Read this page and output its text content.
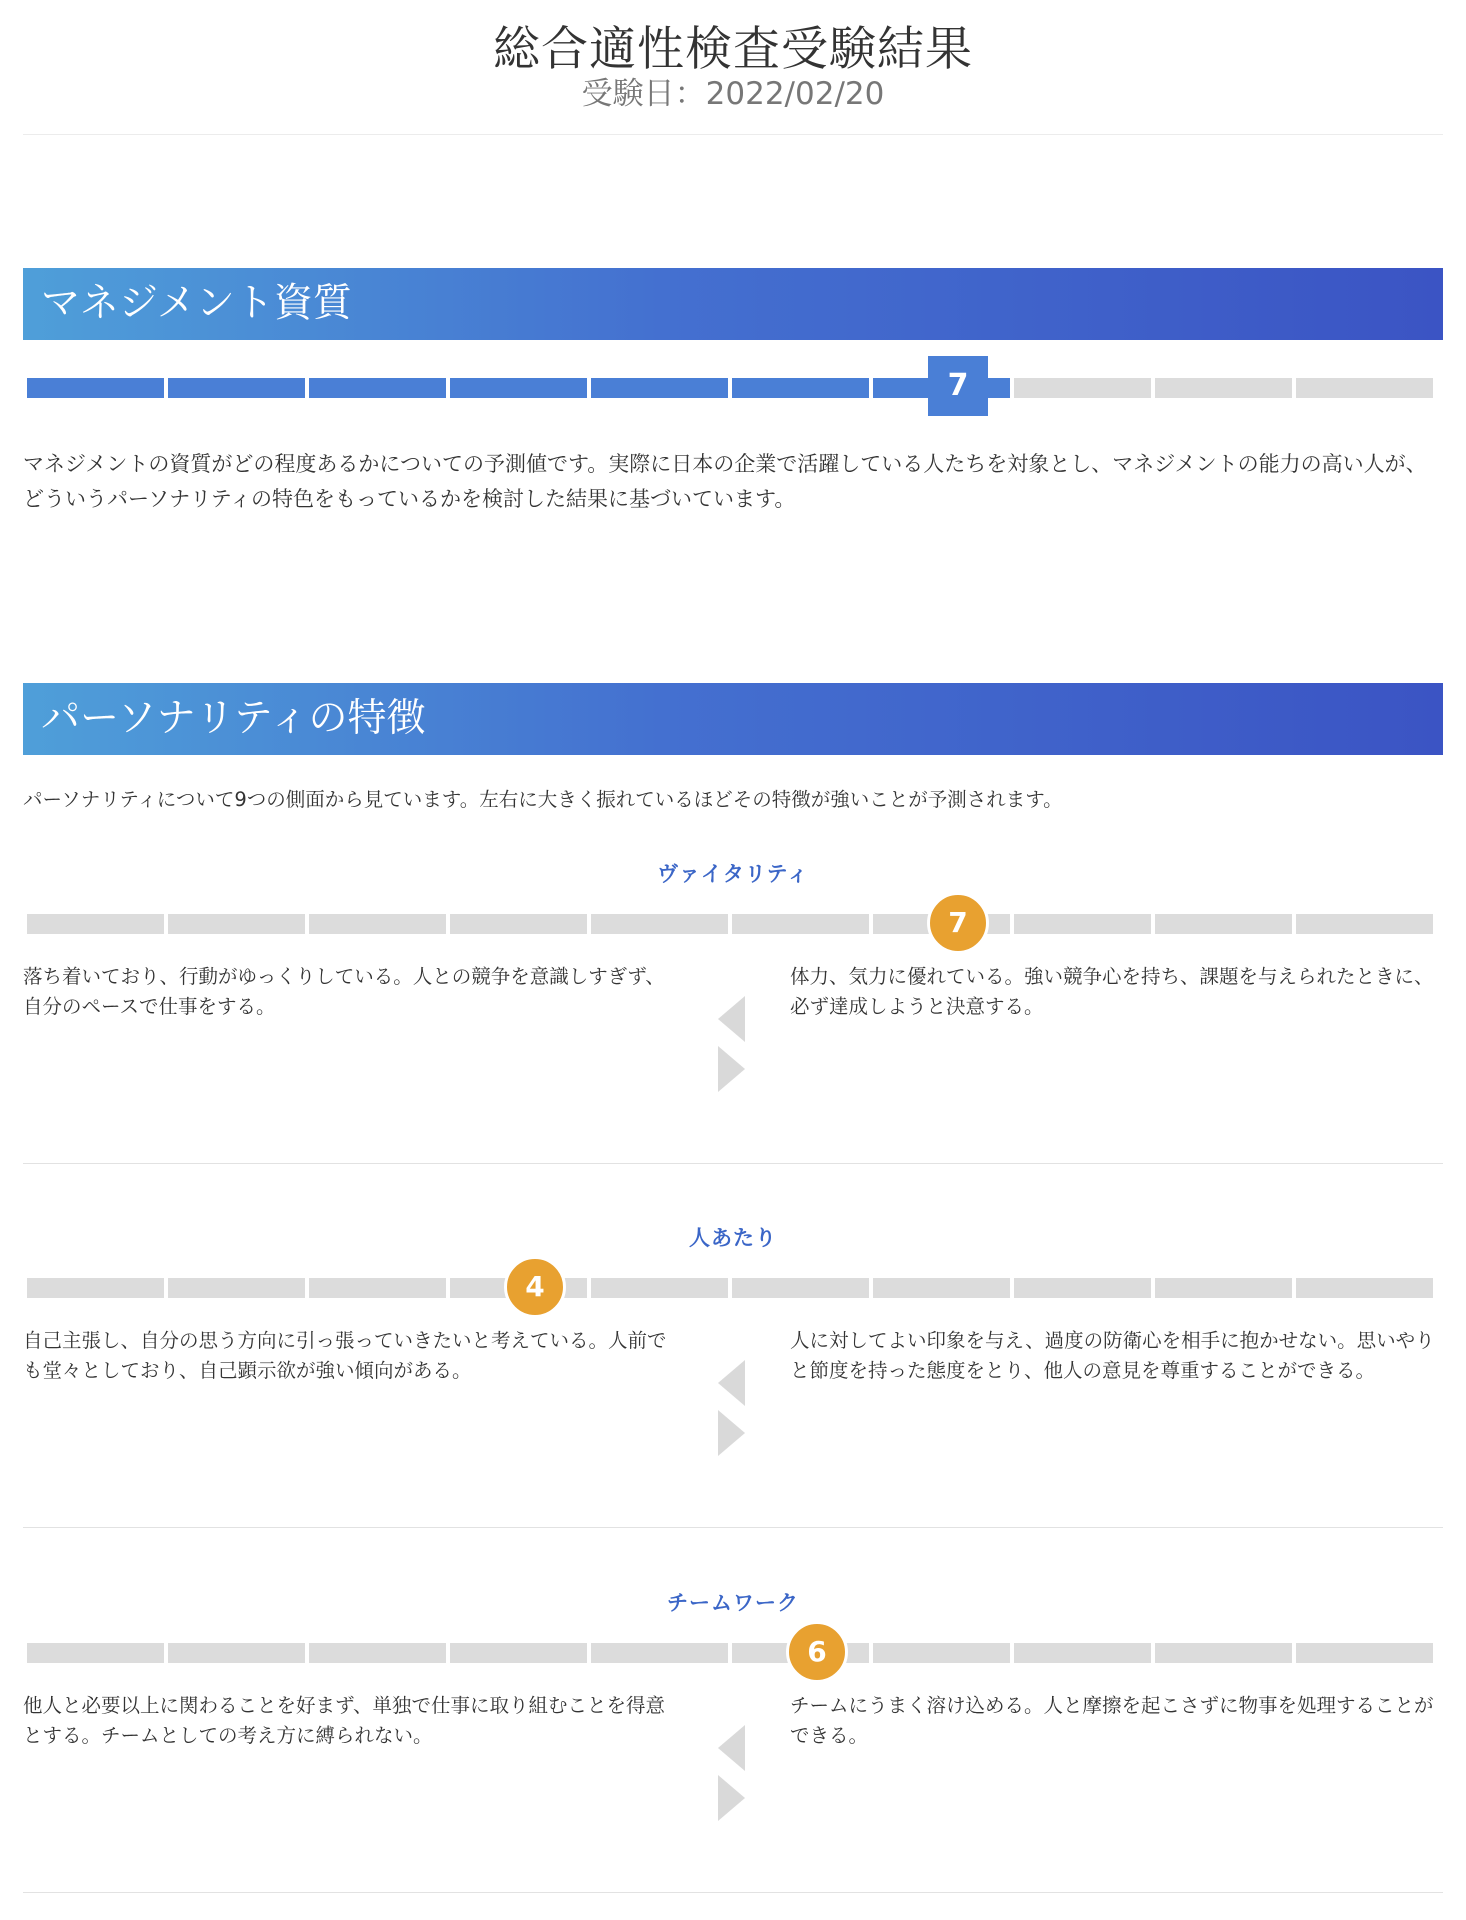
総合適性検査受験結果
受験日：2022/02/20
マネジメント資質
7
マネジメントの資質がどの程度あるかについての予測値です。実際に日本の企業で活躍している人たちを対象とし、マネジメントの能力の高い人が、どういうパーソナリティの特色をもっているかを検討した結果に基づいています。
パーソナリティの特徴
パーソナリティについて9つの側面から見ています。左右に大きく振れているほどその特徴が強いことが予測されます。
ヴァイタリティ
7
落ち着いており、行動がゆっくりしている。人との競争を意識しすぎず、自分のペースで仕事をする。
体力、気力に優れている。強い競争心を持ち、課題を与えられたときに、必ず達成しようと決意する。
人あたり
4
自己主張し、自分の思う方向に引っ張っていきたいと考えている。人前でも堂々としており、自己顕示欲が強い傾向がある。
人に対してよい印象を与え、過度の防衛心を相手に抱かせない。思いやりと節度を持った態度をとり、他人の意見を尊重することができる。
チームワーク
6
他人と必要以上に関わることを好まず、単独で仕事に取り組むことを得意とする。チームとしての考え方に縛られない。
チームにうまく溶け込める。人と摩擦を起こさずに物事を処理することができる。
